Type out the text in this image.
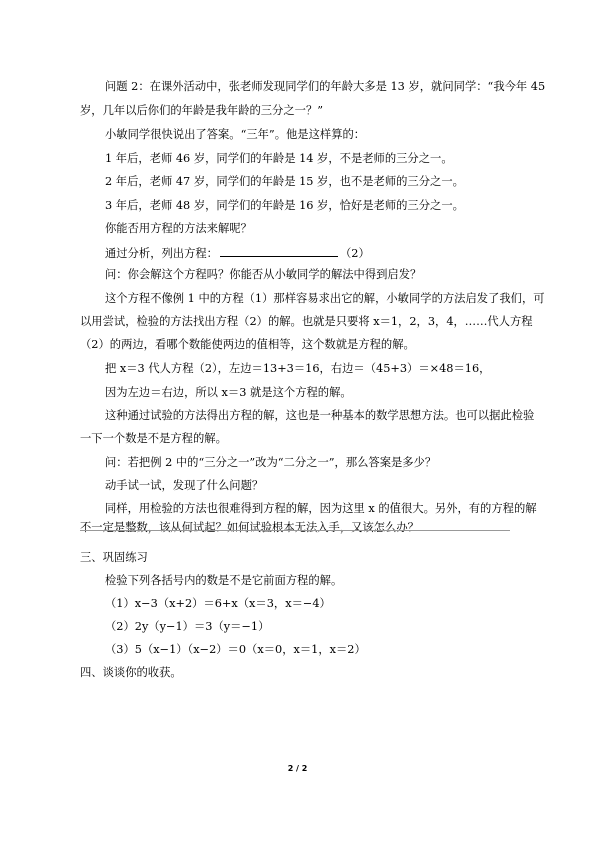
问题 2：在课外活动中，张老师发现同学们的年龄大多是 13 岁，就问同学：“我今年 45
岁，几年以后你们的年龄是我年龄的三分之一？”
小敏同学很快说出了答案。“三年”。他是这样算的：
1 年后，老师 46 岁，同学们的年龄是 14 岁，不是老师的三分之一。
2 年后，老师 47 岁，同学们的年龄是 15 岁，也不是老师的三分之一。
3 年后，老师 48 岁，同学们的年龄是 16 岁，恰好是老师的三分之一。
你能否用方程的方法来解呢？
通过分析，列出方程：	（2）
问：你会解这个方程吗？你能否从小敏同学的解法中得到启发？
这个方程不像例 1 中的方程（1）那样容易求出它的解，小敏同学的方法启发了我们，可
以用尝试，检验的方法找出方程（2）的解。也就是只要将 x＝1，2，3，4，……代人方程
（2）的两边，看哪个数能使两边的值相等，这个数就是方程的解。
把 x＝3 代人方程（2），左边＝13+3＝16，右边＝（45+3）＝×48＝16，
因为左边＝右边，所以 x＝3 就是这个方程的解。
这种通过试验的方法得出方程的解，这也是一种基本的数学思想方法。也可以据此检验
一下一个数是不是方程的解。
问：若把例 2 中的“三分之一”改为“二分之一”，那么答案是多少？
动手试一试，发现了什么问题？
同样，用检验的方法也很难得到方程的解，因为这里 x 的值很大。另外，有的方程的解
不一定是整数，该从何试起？如何试验根本无法入手，又该怎么办？
三、巩固练习
检验下列各括号内的数是不是它前面方程的解。
（1）x−3（x+2）＝6+x（x＝3，x＝−4）
（2）2y（y−1）＝3（y＝−1）
（3）5（x−1）（x−2）＝0（x＝0，x＝1，x＝2）
四、谈谈你的收获。
2 / 2
